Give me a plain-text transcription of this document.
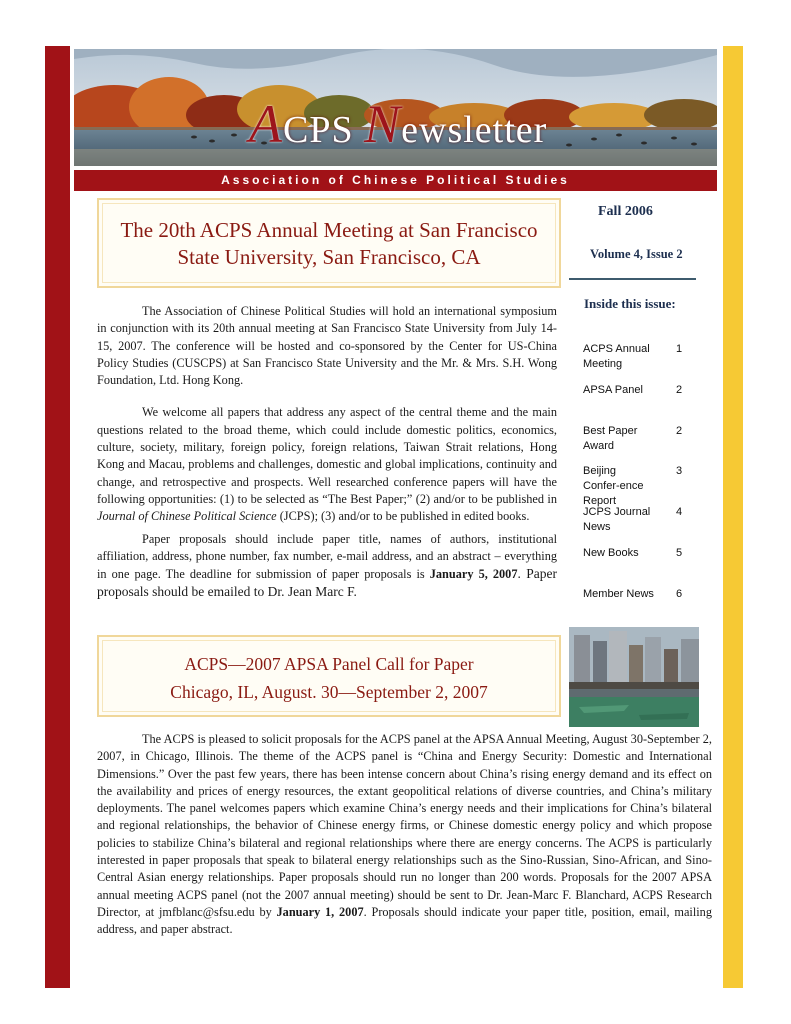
ACPS Newsletter
Association of Chinese Political Studies
The 20th ACPS Annual Meeting at San Francisco
State University, San Francisco, CA
Fall 2006
Volume 4, Issue 2
Inside this issue:
ACPS Annual Meeting
1
APSA Panel	2
Best Paper Award
2
Beijing Confer-ence Report
3
JCPS Journal News
4
New Books	5
Member News 6

The Association of Chinese Political Studies will hold an international symposium in conjunction with its 20th annual meeting at San Francisco State University from July 14-15, 2007. The conference will be hosted and co-sponsored by the Center for US-China Policy Studies (CUSCPS) at San Francisco State University and the Mr. & Mrs. S.H. Wong Foundation, Ltd. Hong Kong.

We welcome all papers that address any aspect of the central theme and the main questions related to the broad theme, which could include domestic politics, economics, culture, society, military, foreign policy, foreign relations, Taiwan Strait relations, Hong Kong and Macau, problems and challenges, domestic and global implications, continuity and change, and retrospective and prospects. Well researched conference papers will have the following opportunities: (1) to be selected as “The Best Paper;” (2) and/or to be published in Journal of Chinese Political Science (JCPS); (3) and/or to be published in edited books.

Paper proposals should include paper title, names of authors, institutional affiliation, address, phone number, fax number, e-mail address, and an abstract – everything in one page. The deadline for submission of paper proposals is January 5, 2007. Paper proposals should be emailed to Dr. Jean Marc F.

ACPS—2007 APSA Panel Call for Paper
Chicago, IL, August. 30—September 2, 2007
The ACPS is pleased to solicit proposals for the ACPS panel at the APSA Annual Meeting, August 30-September 2, 2007, in Chicago, Illinois. The theme of the ACPS panel is “China and Energy Security: Domestic and International Dimensions.” Over the past few years, there has been intense concern about China’s rising energy demand and its effect on the availability and prices of energy resources, the extant geopolitical relations of diverse countries, and China’s military deployments. The panel welcomes papers which examine China’s energy needs and their implications for China’s bilateral and regional relationships, the behavior of Chinese energy firms, or Chinese domestic energy policy and which propose policies to stabilize China’s bilateral and regional relationships where there are energy concerns. The ACPS is particularly interested in paper proposals that speak to bilateral energy relationships such as the Sino-Russian, Sino-African, and Sino-Central Asian energy relationships. Paper proposals should run no longer than 200 words. Proposals for the 2007 APSA annual meeting ACPS panel (not the 2007 annual meeting) should be sent to Dr. Jean-Marc F. Blanchard, ACPS Research Director, at jmfblanc@sfsu.edu by January 1, 2007. Proposals should indicate your paper title, position, email, mailing address, and paper abstract.
